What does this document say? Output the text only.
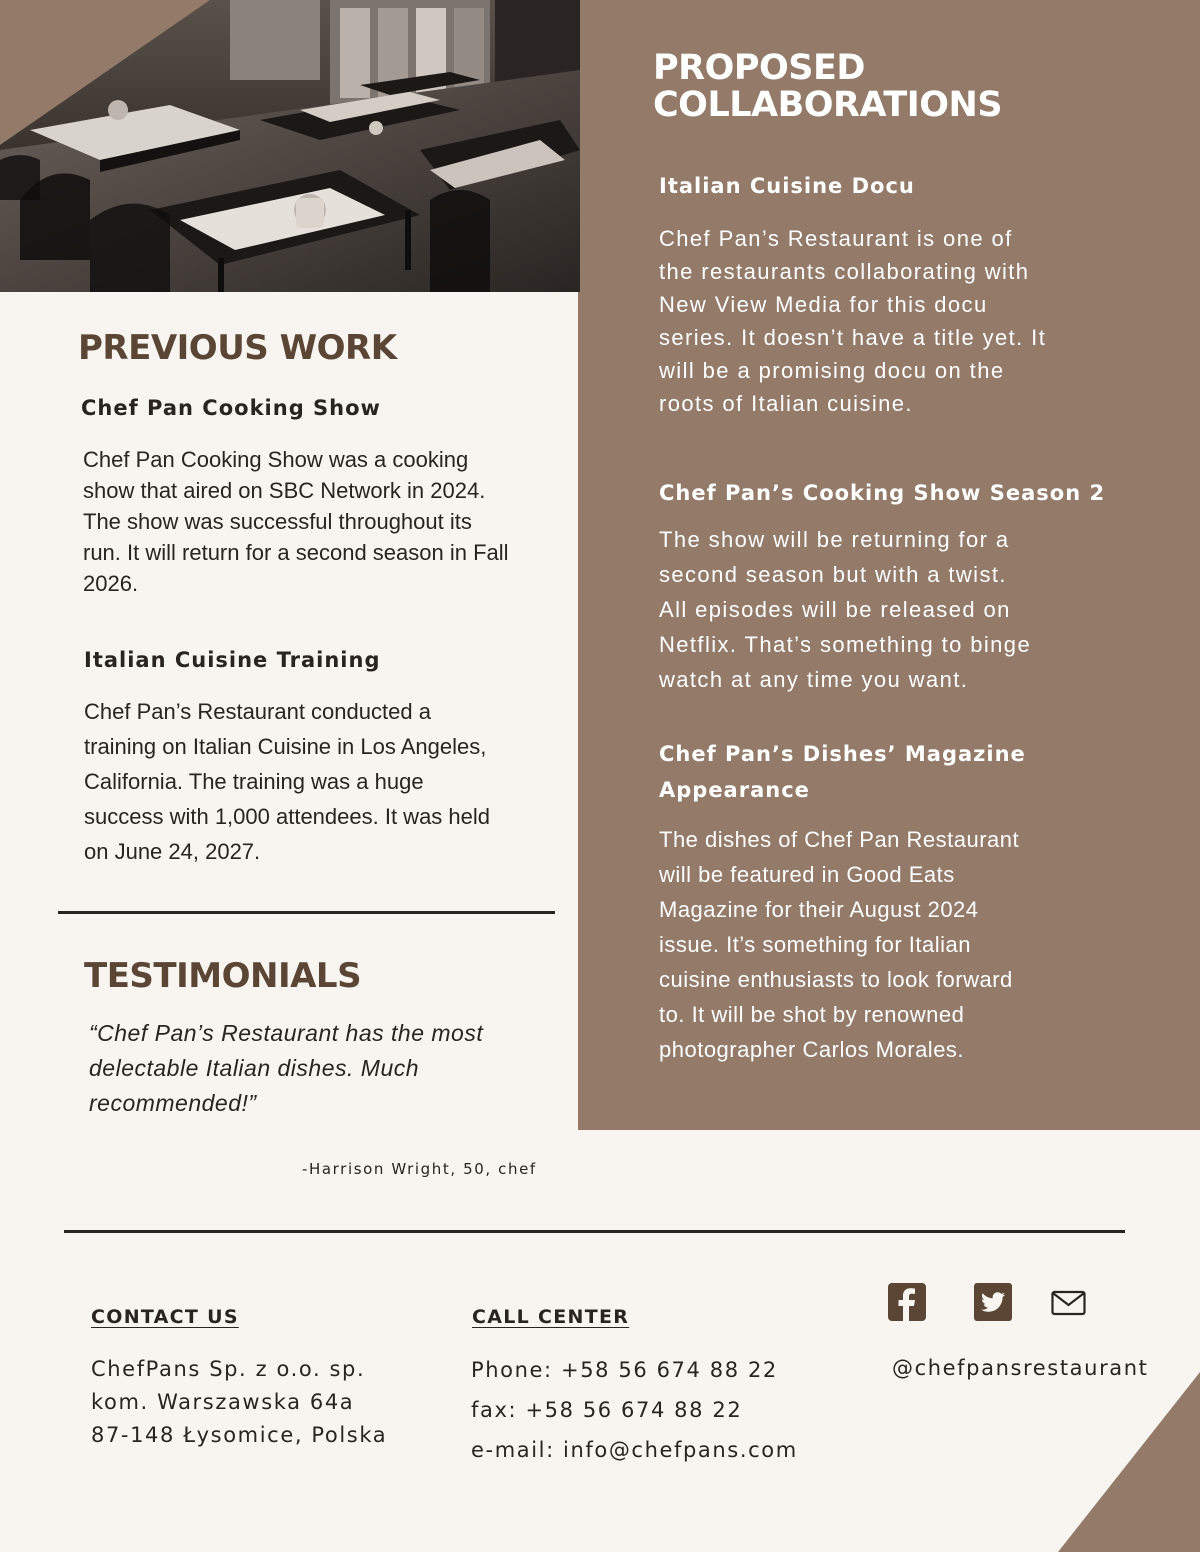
PREVIOUS WORK
Chef Pan Cooking Show

Chef Pan Cooking Show was a cooking

show that aired on SBC Network in 2024.

The show was successful throughout its

run. It will return for a second season in Fall

2026.

Italian Cuisine Training

Chef Pan’s Restaurant conducted a

training on Italian Cuisine in Los Angeles,

California. The training was a huge

success with 1,000 attendees. It was held

on June 24, 2027.

TESTIMONIALS
“Chef Pan’s Restaurant has the most
delectable Italian dishes. Much
recommended!”

-Harrison Wright, 50, chef

PROPOSED
COLLABORATIONS
Italian Cuisine Docu

Chef Pan’s Restaurant is one of

the restaurants collaborating with

New View Media for this docu

series. It doesn’t have a title yet. It

will be a promising docu on the

roots of Italian cuisine.

Chef Pan’s Cooking Show Season 2

The show will be returning for a

second season but with a twist.

All episodes will be released on

Netflix. That’s something to binge

watch at any time you want.

Chef Pan’s Dishes’ Magazine
Appearance

The dishes of Chef Pan Restaurant

will be featured in Good Eats

Magazine for their August 2024

issue. It’s something for Italian

cuisine enthusiasts to look forward

to. It will be shot by renowned

photographer Carlos Morales.

CONTACT US

ChefPans Sp. z o.o. sp.

kom. Warszawska 64a

87-148 Łysomice, Polska

CALL CENTER

Phone: +58 56 674 88 22

fax: +58 56 674 88 22

e-mail: info@chefpans.com

@chefpansrestaurant
